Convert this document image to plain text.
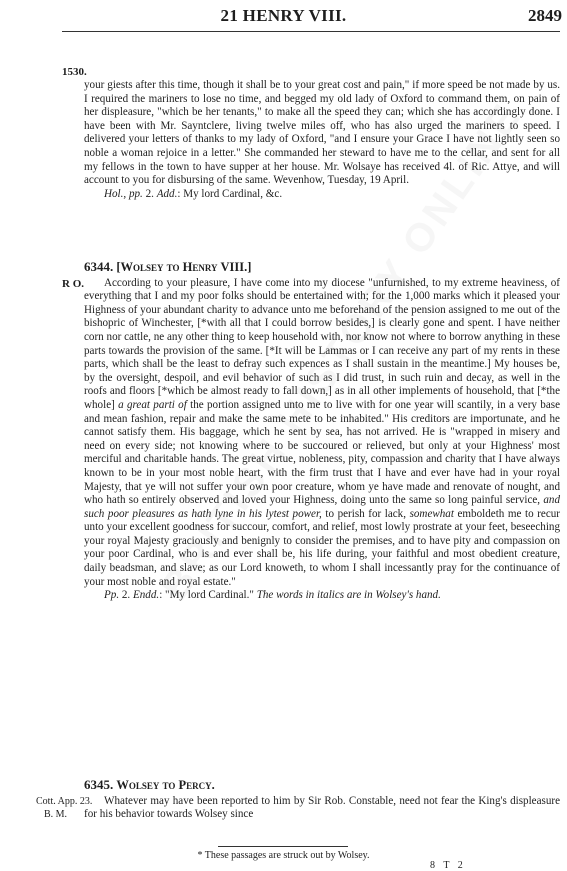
21 HENRY VIII.	2849
1530.

your giests after this time, though it shall be to your great cost and pain," if more speed be not made by us. I required the mariners to lose no time, and begged my old lady of Oxford to command them, on pain of her displeasure, "which be her tenants," to make all the speed they can; which she has accordingly done. I have been with Mr. Sayntclere, living twelve miles off, who has also urged the mariners to speed. I delivered your letters of thanks to my lady of Oxford, "and I ensure your Grace I have not lightly seen so noble a woman rejoice in a letter." She commanded her steward to have me to the cellar, and sent for all my fellows in the town to have supper at her house. Mr. Wolsaye has received 4l. of Ric. Attye, and will account to you for disbursing of the same. Wevenhow, Tuesday, 19 April.

Hol., pp. 2. Add.: My lord Cardinal, &c.

R O.

6344. [Wolsey to Henry VIII.]

According to your pleasure, I have come into my diocese "unfurnished, to my extreme heaviness, of everything that I and my poor folks should be entertained with; for the 1,000 marks which it pleased your Highness of your abundant charity to advance unto me beforehand of the pension assigned to me out of the bishopric of Winchester, [*with all that I could borrow besides,] is clearly gone and spent. I have neither corn nor cattle, ne any other thing to keep household with, nor know not where to borrow anything in these parts towards the provision of the same. [*It will be Lammas or I can receive any part of my rents in these parts, which shall be the least to defray such expences as I shall sustain in the meantime.] My houses be, by the oversight, despoil, and evil behavior of such as I did trust, in such ruin and decay, as well in the roofs and floors [*which be almost ready to fall down,] as in all other implements of household, that [*the whole] a great parti of the portion assigned unto me to live with for one year will scantily, in a very base and mean fashion, repair and make the same mete to be inhabited." His creditors are importunate, and he cannot satisfy them. His baggage, which he sent by sea, has not arrived. He is "wrapped in misery and need on every side; not knowing where to be succoured or relieved, but only at your Highness' most merciful and charitable hands. The great virtue, nobleness, pity, compassion and charity that I have always known to be in your most noble heart, with the firm trust that I have and ever have had in your royal Majesty, that ye will not suffer your own poor creature, whom ye have made and renovate of nought, and who hath so entirely observed and loved your Highness, doing unto the same so long painful service, and such poor pleasures as hath lyne in his lytest power, to perish for lack, somewhat emboldeth me to recur unto your excellent goodness for succour, comfort, and relief, most lowly prostrate at your feet, beseeching your royal Majesty graciously and benignly to consider the premises, and to have pity and compassion on your poor Cardinal, who is and ever shall be, his life during, your faithful and most obedient creature, daily beadsman, and slave; as our Lord knoweth, to whom I shall incessantly pray for the continuance of your most noble and royal estate."

Pp. 2. Endd.: "My lord Cardinal." The words in italics are in Wolsey's hand.

Cott. App. 23.
B. M.

6345. Wolsey to Percy.

Whatever may have been reported to him by Sir Rob. Constable, need not fear the King's displeasure for his behavior towards Wolsey since

* These passages are struck out by Wolsey.
8 T 2
